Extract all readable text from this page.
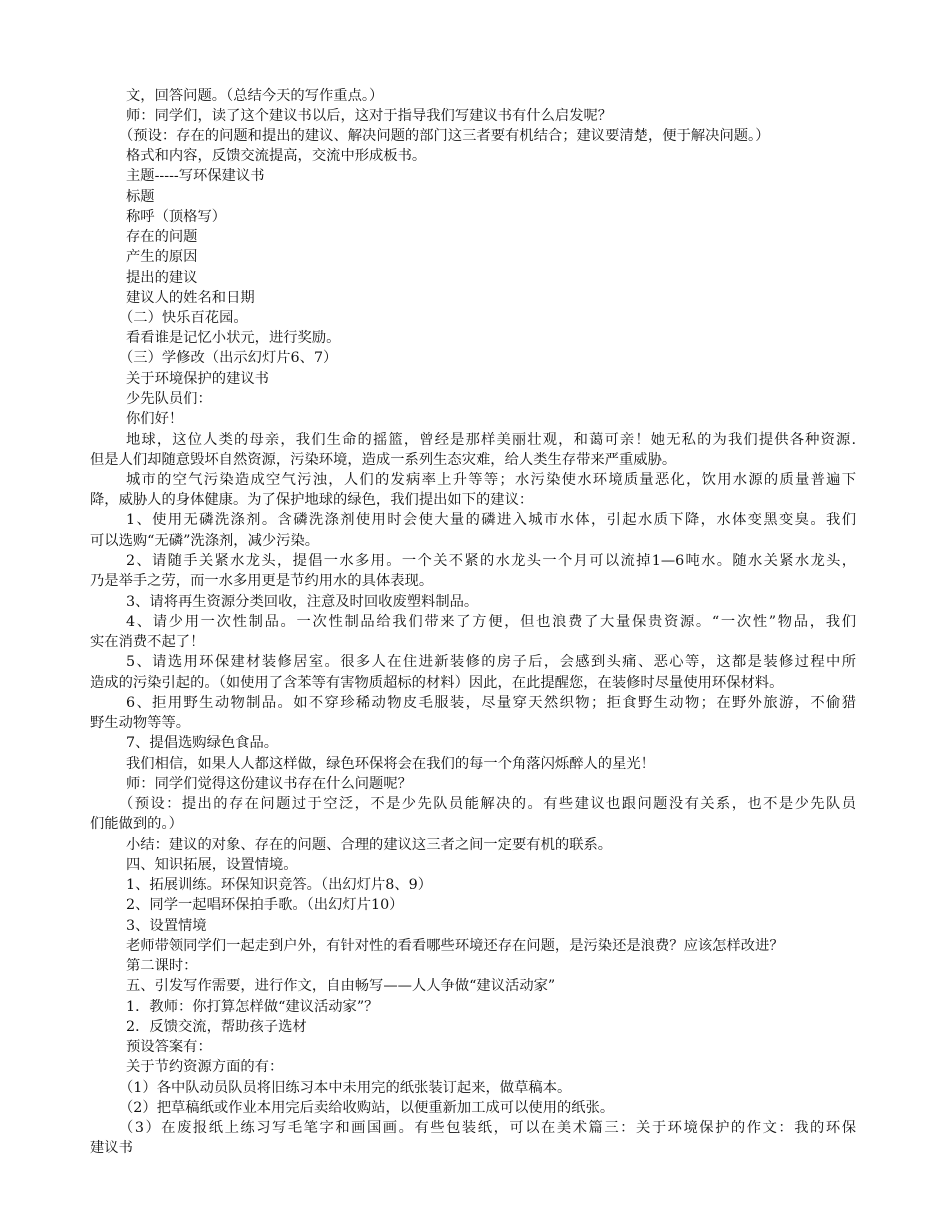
文，回答问题。（总结今天的写作重点。）
师：同学们，读了这个建议书以后，这对于指导我们写建议书有什么启发呢？
（预设：存在的问题和提出的建议、解决问题的部门这三者要有机结合；建议要清楚，便于解决问题。）
格式和内容，反馈交流提高，交流中形成板书。
主题-----写环保建议书
标题
称呼（顶格写）
存在的问题
产生的原因
提出的建议
建议人的姓名和日期
（二）快乐百花园。
看看谁是记忆小状元，进行奖励。
（三）学修改（出示幻灯片6、7）
关于环境保护的建议书
少先队员们：
你们好！
地球，这位人类的母亲，我们生命的摇篮，曾经是那样美丽壮观，和蔼可亲！她无私的为我们提供各种资源.
但是人们却随意毁坏自然资源，污染环境，造成一系列生态灾难，给人类生存带来严重威胁。
城市的空气污染造成空气污浊，人们的发病率上升等等；水污染使水环境质量恶化，饮用水源的质量普遍下
降，威胁人的身体健康。为了保护地球的绿色，我们提出如下的建议：
1、使用无磷洗涤剂。含磷洗涤剂使用时会使大量的磷进入城市水体，引起水质下降，水体变黑变臭。我们
可以选购“无磷”洗涤剂，减少污染。
2、请随手关紧水龙头，提倡一水多用。一个关不紧的水龙头一个月可以流掉1—6吨水。随水关紧水龙头，
乃是举手之劳，而一水多用更是节约用水的具体表现。
3、请将再生资源分类回收，注意及时回收废塑料制品。
4、请少用一次性制品。一次性制品给我们带来了方便，但也浪费了大量保贵资源。“一次性”物品，我们
实在消费不起了！
5、请选用环保建材装修居室。很多人在住进新装修的房子后，会感到头痛、恶心等，这都是装修过程中所
造成的污染引起的。（如使用了含苯等有害物质超标的材料）因此，在此提醒您，在装修时尽量使用环保材料。
6、拒用野生动物制品。如不穿珍稀动物皮毛服装，尽量穿天然织物；拒食野生动物；在野外旅游，不偷猎
野生动物等等。
7、提倡选购绿色食品。
我们相信，如果人人都这样做，绿色环保将会在我们的每一个角落闪烁醉人的星光！
师：同学们觉得这份建议书存在什么问题呢？
（预设：提出的存在问题过于空泛，不是少先队员能解决的。有些建议也跟问题没有关系，也不是少先队员
们能做到的。）
小结：建议的对象、存在的问题、合理的建议这三者之间一定要有机的联系。
四、知识拓展，设置情境。
1、拓展训练。环保知识竞答。（出幻灯片8、9）
2、同学一起唱环保拍手歌。（出幻灯片10）
3、设置情境
老师带领同学们一起走到户外，有针对性的看看哪些环境还存在问题，是污染还是浪费？应该怎样改进？
第二课时：
五、引发写作需要，进行作文，自由畅写——人人争做“建议活动家”
1．教师：你打算怎样做“建议活动家”？
2．反馈交流，帮助孩子选材
预设答案有：
关于节约资源方面的有：
（1）各中队动员队员将旧练习本中未用完的纸张装订起来，做草稿本。
（2）把草稿纸或作业本用完后卖给收购站，以便重新加工成可以使用的纸张。
（3）在废报纸上练习写毛笔字和画国画。有些包装纸，可以在美术篇三：关于环境保护的作文：我的环保
建议书
